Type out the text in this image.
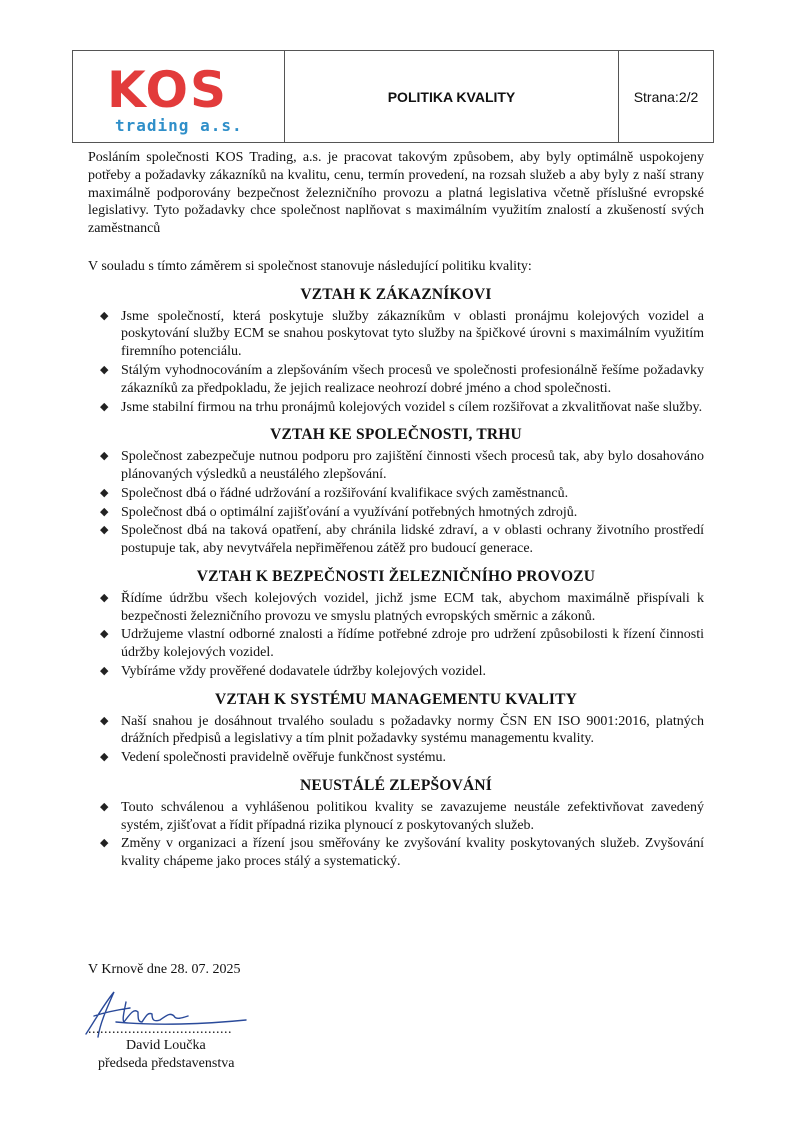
KOS
trading a.s.
POLITIKA KVALITY	Strana:2/2

Posláním společnosti KOS Trading, a.s. je pracovat takovým způsobem, aby byly optimálně uspokojeny potřeby a požadavky zákazníků na kvalitu, cenu, termín provedení, na rozsah služeb a aby byly z naší strany maximálně podporovány bezpečnost železničního provozu a platná legislativa včetně příslušné evropské legislativy. Tyto požadavky chce společnost naplňovat s maximálním využitím znalostí a zkušeností svých zaměstnanců

V souladu s tímto záměrem si společnost stanovuje následující politiku kvality:

VZTAH K ZÁKAZNÍKOVI
◆ Jsme společností, která poskytuje služby zákazníkům v oblasti pronájmu kolejových vozidel a poskytování služby ECM se snahou poskytovat tyto služby na špičkové úrovni s maximálním využitím firemního potenciálu.
◆ Stálým vyhodnocováním a zlepšováním všech procesů ve společnosti profesionálně řešíme požadavky zákazníků za předpokladu, že jejich realizace neohrozí dobré jméno a chod společnosti.
◆ Jsme stabilní firmou na trhu pronájmů kolejových vozidel s cílem rozšiřovat a zkvalitňovat naše služby.
VZTAH KE SPOLEČNOSTI, TRHU
◆ Společnost zabezpečuje nutnou podporu pro zajištění činnosti všech procesů tak, aby bylo dosahováno plánovaných výsledků a neustálého zlepšování.
◆ Společnost dbá o řádné udržování a rozšiřování kvalifikace svých zaměstnanců.
◆ Společnost dbá o optimální zajišťování a využívání potřebných hmotných zdrojů.
◆ Společnost dbá na taková opatření, aby chránila lidské zdraví, a v oblasti ochrany životního prostředí postupuje tak, aby nevytvářela nepřiměřenou zátěž pro budoucí generace.
VZTAH K BEZPEČNOSTI ŽELEZNIČNÍHO PROVOZU
◆ Řídíme údržbu všech kolejových vozidel, jichž jsme ECM tak, abychom maximálně přispívali k bezpečnosti železničního provozu ve smyslu platných evropských směrnic a zákonů.
◆ Udržujeme vlastní odborné znalosti a řídíme potřebné zdroje pro udržení způsobilosti k řízení činnosti údržby kolejových vozidel.
◆ Vybíráme vždy prověřené dodavatele údržby kolejových vozidel.
VZTAH K SYSTÉMU MANAGEMENTU KVALITY
◆ Naší snahou je dosáhnout trvalého souladu s požadavky normy ČSN EN ISO 9001:2016, platných drážních předpisů a legislativy a tím plnit požadavky systému managementu kvality.
◆ Vedení společnosti pravidelně ověřuje funkčnost systému.
NEUSTÁLÉ ZLEPŠOVÁNÍ
◆ Touto schválenou a vyhlášenou politikou kvality se zavazujeme neustále zefektivňovat zavedený systém, zjišťovat a řídit případná rizika plynoucí z poskytovaných služeb.
◆ Změny v organizaci a řízení jsou směřovány ke zvyšování kvality poskytovaných služeb. Zvyšování kvality chápeme jako proces stálý a systematický.
V Krnově dne 28. 07. 2025
....................................
David Loučka
předseda představenstva
